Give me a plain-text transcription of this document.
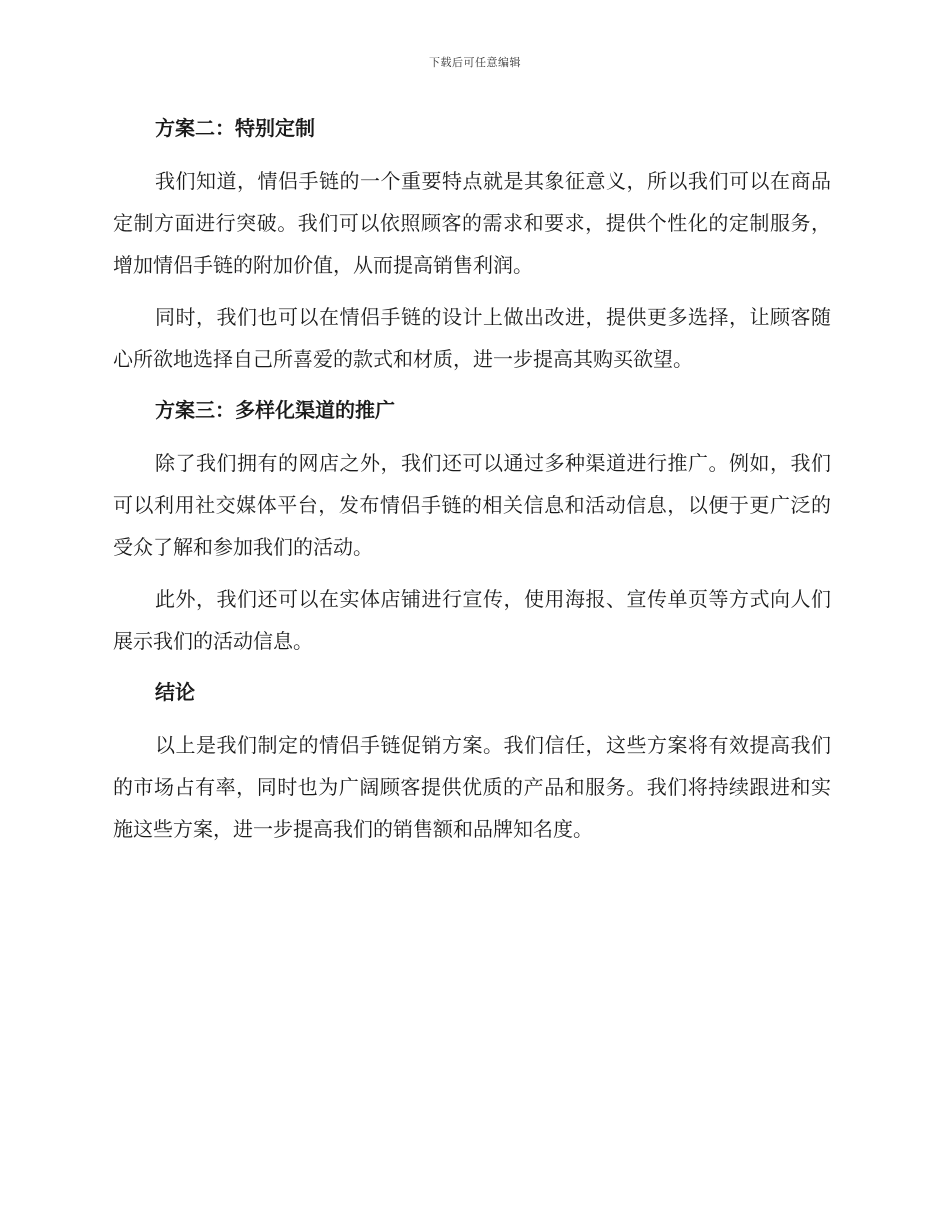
下载后可任意编辑
方案二：特别定制

我们知道，情侣手链的一个重要特点就是其象征意义，所以我们可以在商品定制方面进行突破。我们可以依照顾客的需求和要求，提供个性化的定制服务，增加情侣手链的附加价值，从而提高销售利润。

同时，我们也可以在情侣手链的设计上做出改进，提供更多选择，让顾客随心所欲地选择自己所喜爱的款式和材质，进一步提高其购买欲望。

方案三：多样化渠道的推广

除了我们拥有的网店之外，我们还可以通过多种渠道进行推广。例如，我们可以利用社交媒体平台，发布情侣手链的相关信息和活动信息，以便于更广泛的受众了解和参加我们的活动。

此外，我们还可以在实体店铺进行宣传，使用海报、宣传单页等方式向人们展示我们的活动信息。

结论

以上是我们制定的情侣手链促销方案。我们信任，这些方案将有效提高我们的市场占有率，同时也为广阔顾客提供优质的产品和服务。我们将持续跟进和实施这些方案，进一步提高我们的销售额和品牌知名度。
